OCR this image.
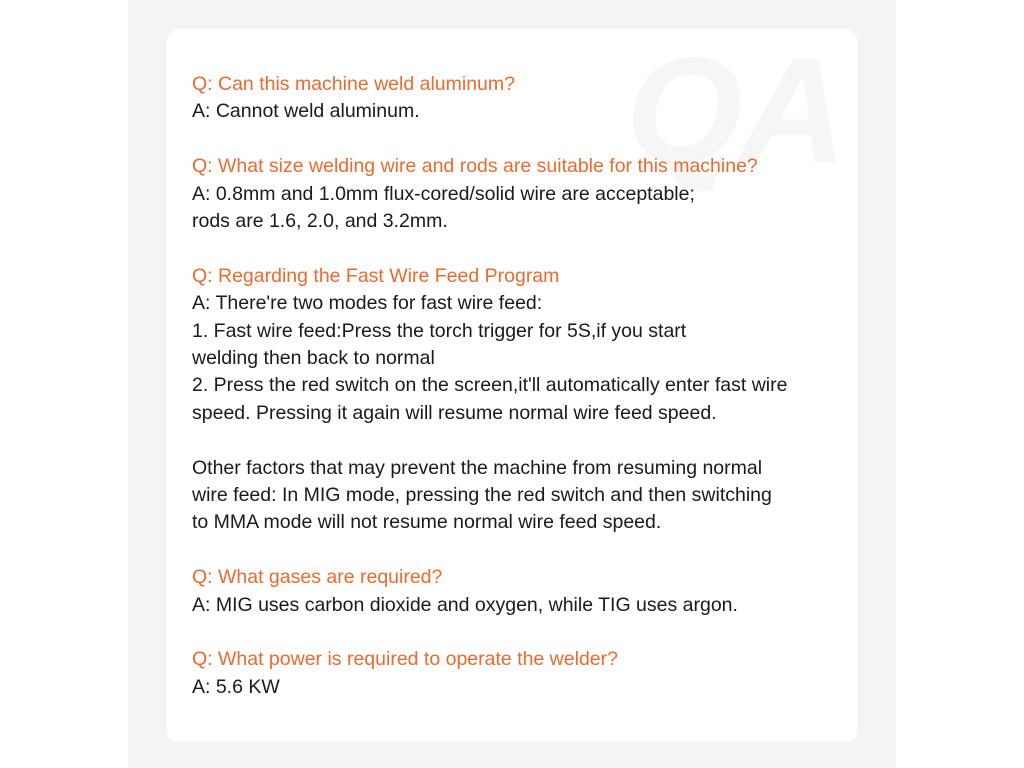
QA
Q: Can this machine weld aluminum?
A: Cannot weld aluminum.
Q: What size welding wire and rods are suitable for this machine?
A: 0.8mm and 1.0mm flux-cored/solid wire are acceptable;
rods are 1.6, 2.0, and 3.2mm.
Q: Regarding the Fast Wire Feed Program
A: There're two modes for fast wire feed:
1. Fast wire feed:Press the torch trigger for 5S,if you start
welding then back to normal
2. Press the red switch on the screen,it'll automatically enter fast wire
speed. Pressing it again will resume normal wire feed speed.
Other factors that may prevent the machine from resuming normal
wire feed: In MIG mode, pressing the red switch and then switching
to MMA mode will not resume normal wire feed speed.
Q: What gases are required?
A: MIG uses carbon dioxide and oxygen, while TIG uses argon.
Q: What power is required to operate the welder?
A: 5.6 KW
